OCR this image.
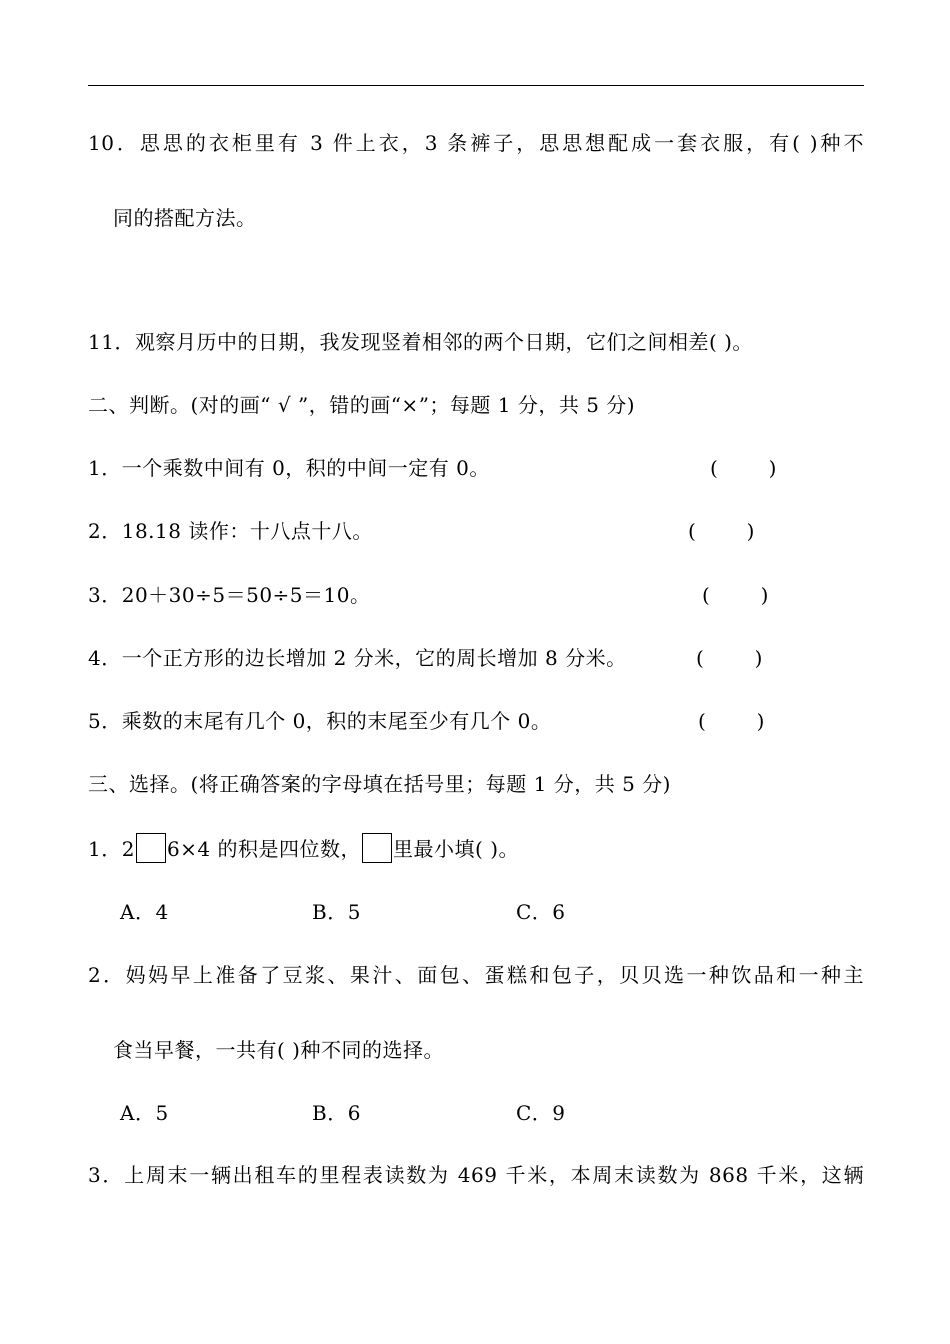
10．思思的衣柜里有 3 件上衣，3 条裤子，思思想配成一套衣服，有( )种不
同的搭配方法。
11．观察月历中的日期，我发现竖着相邻的两个日期，它们之间相差( )。
二、判断。(对的画“ √ ”，错的画“×”；每题 1 分，共 5 分)
1．一个乘数中间有 0，积的中间一定有 0。	(        )
2．18.18 读作：十八点十八。	(        )
3．20＋30÷5＝50÷5＝10。	(        )
4．一个正方形的边长增加 2 分米，它的周长增加 8 分米。	(        )
5．乘数的末尾有几个 0，积的末尾至少有几个 0。	(        )
三、选择。(将正确答案的字母填在括号里；每题 1 分，共 5 分)
1．2 6×4 的积是四位数， 里最小填( )。
A．4	B．5	C．6
2．妈妈早上准备了豆浆、果汁、面包、蛋糕和包子，贝贝选一种饮品和一种主
食当早餐，一共有( )种不同的选择。
A．5	B．6	C．9
3．上周末一辆出租车的里程表读数为 469 千米，本周末读数为 868 千米，这辆
